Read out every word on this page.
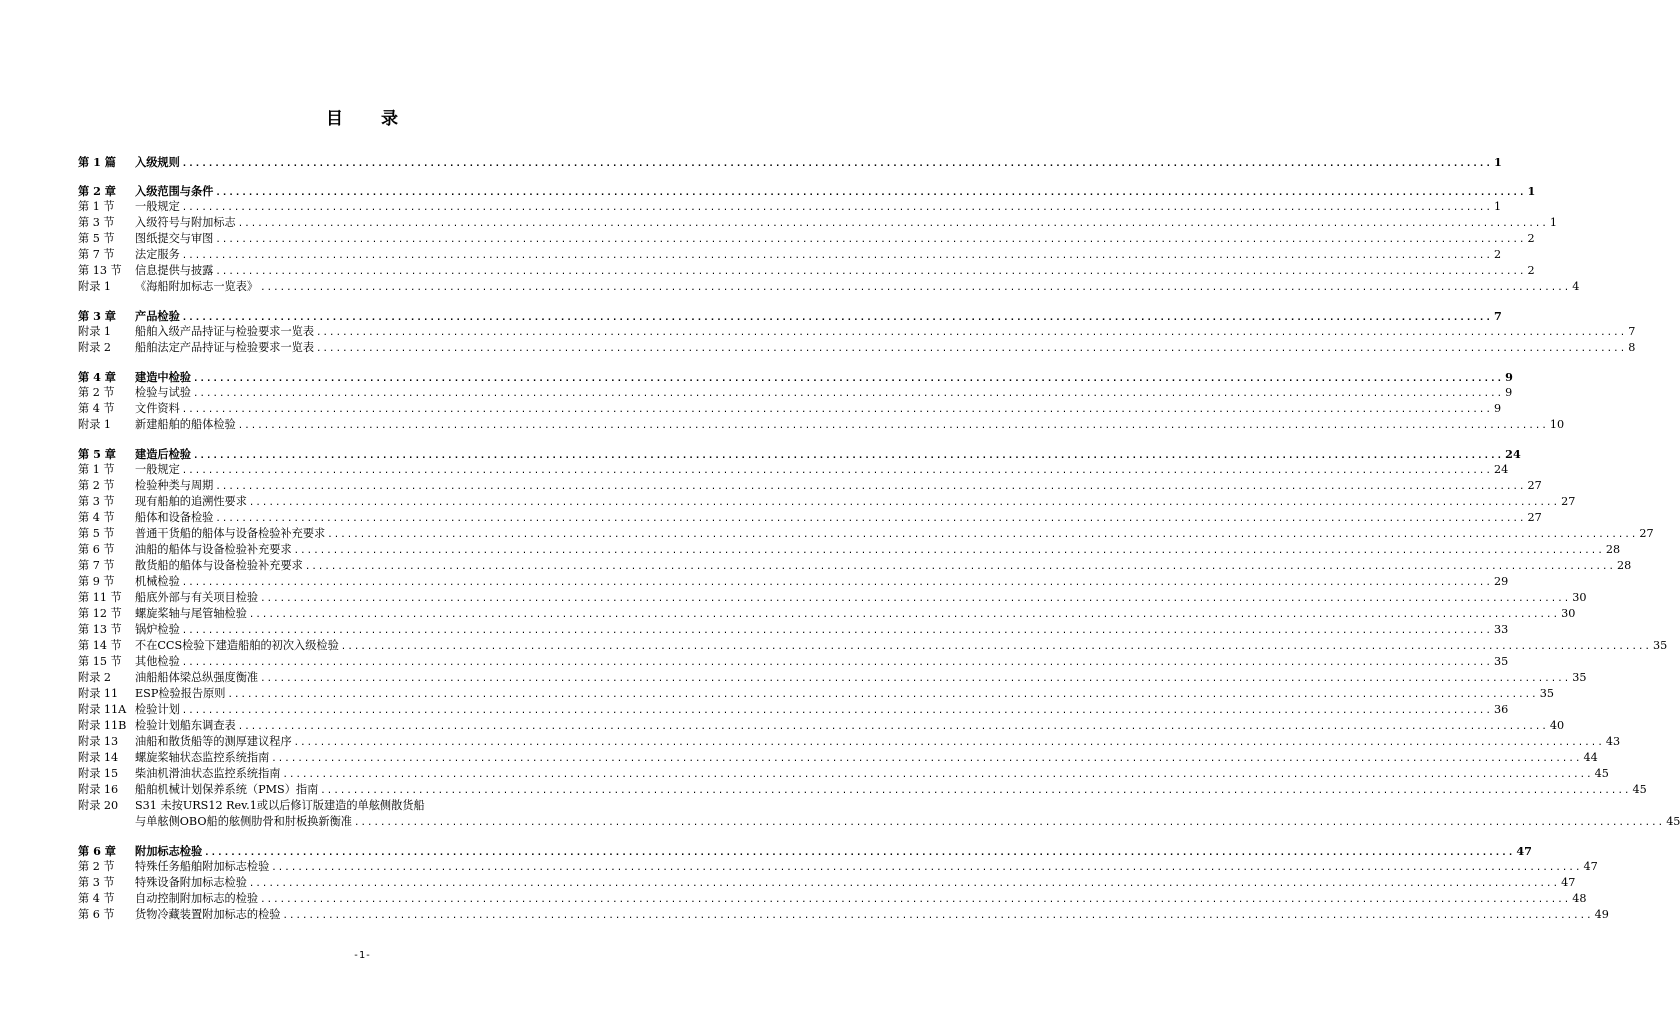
目 录
第 1 篇	入级规则 .....	1
第 2 章	入级范围与条件 .....	1
第 1 节	一般规定 .....	1
第 3 节	入级符号与附加标志 .....	1
第 5 节	图纸提交与审图 .....	2
第 7 节	法定服务 .....	2
第 13 节	信息提供与披露 .....	2
附录 1	《海船附加标志一览表》 .....	4
第 3 章	产品检验 .....	7
附录 1	船舶入级产品持证与检验要求一览表 .....	7
附录 2	船舶法定产品持证与检验要求一览表 .....	8
第 4 章	建造中检验 .....	9
第 2 节	检验与试验 .....	9
第 4 节	文件资料 .....	9
附录 1	新建船舶的船体检验 .....	10
第 5 章	建造后检验 .....	24
第 1 节	一般规定 .....	24
第 2 节	检验种类与周期 .....	27
第 3 节	现有船舶的追溯性要求 .....	27
第 4 节	船体和设备检验 .....	27
第 5 节	普通干货船的船体与设备检验补充要求 .....	27
第 6 节	油船的船体与设备检验补充要求 .....	28
第 7 节	散货船的船体与设备检验补充要求 .....	28
第 9 节	机械检验 .....	29
第 11 节	船底外部与有关项目检验 .....	30
第 12 节	螺旋桨轴与尾管轴检验 .....	30
第 13 节	锅炉检验 .....	33
第 14 节	不在CCS检验下建造船舶的初次入级检验 .....	35
第 15 节	其他检验 .....	35
附录 2	油船船体梁总纵强度衡准 .....	35
附录 11	ESP检验报告原则 .....	35
附录 11A 检验计划 .....	36
附录 11B 检验计划船东调查表 .....	40
附录 13	油船和散货船等的测厚建议程序 .....	43
附录 14	螺旋桨轴状态监控系统指南 .....	44
附录 15	柴油机滑油状态监控系统指南 .....	45
附录 16	船舶机械计划保养系统（PMS）指南 .....	45
附录 20	S31 未按URS12 Rev.1或以后修订版建造的单舷侧散货船
与单舷侧OBO船的舷侧肋骨和肘板换新衡准 .....	45
第 6 章	附加标志检验 .....	47
第 2 节	特殊任务船舶附加标志检验 .....	47
第 3 节	特殊设备附加标志检验 .....	47
第 4 节	自动控制附加标志的检验 .....	48
第 6 节	货物冷藏装置附加标志的检验 .....	49
-1-
